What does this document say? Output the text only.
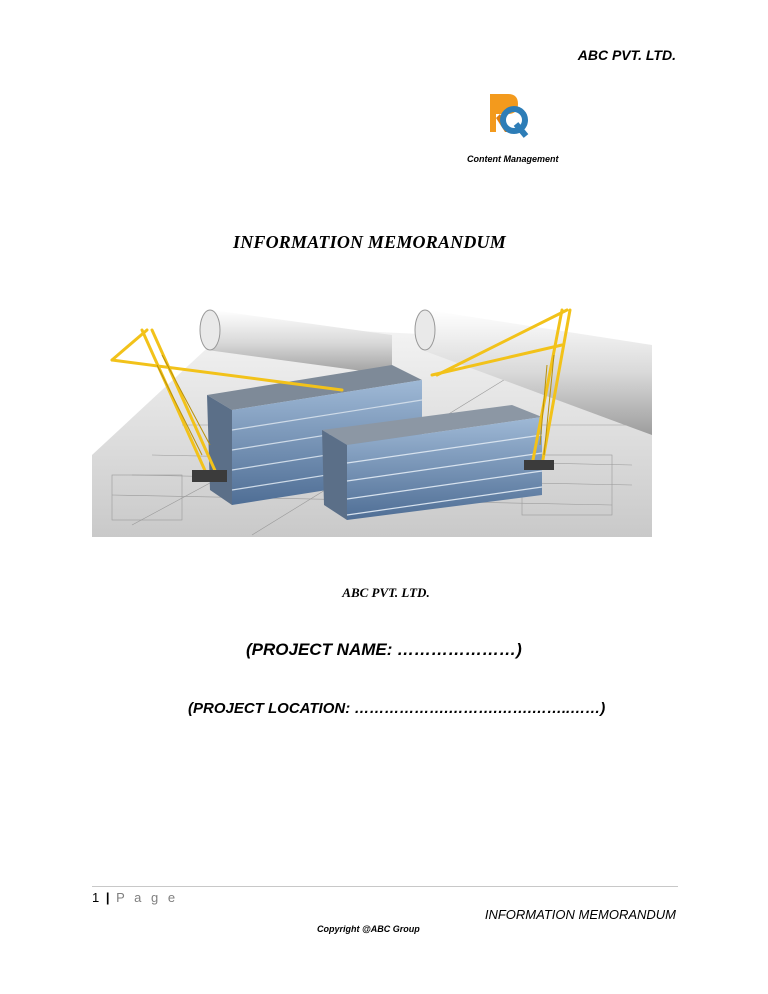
ABC PVT. LTD.
Content Management
INFORMATION MEMORANDUM
ABC PVT. LTD.
(PROJECT NAME: …………………)
(PROJECT LOCATION: ……………….……….…….……..……)
1 | P a g e
INFORMATION MEMORANDUM
Copyright @ABC Group
